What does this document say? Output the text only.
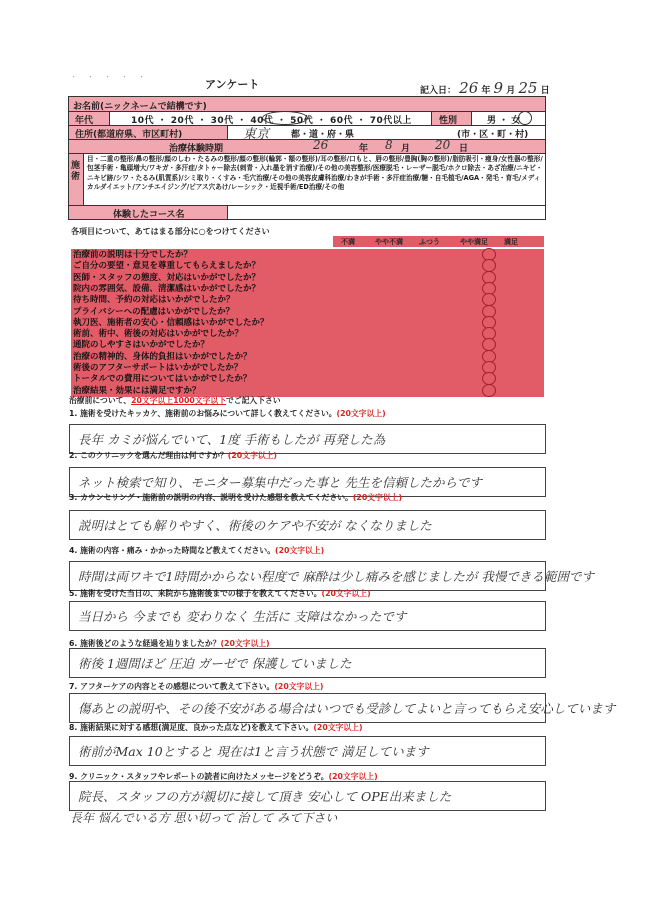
・・・・・
アンケート	記入日： 26 年 9 月 25 日
お名前(ニックネームで結構です)
年代	10代 ・ 20代 ・ 30代 ・ 40代 ・ 50代 ・ 60代 ・ 70代以上	性別	男 ・ 女
住所(都道府県、市区町村)	東京 都・道・府・県	(市・区・町・村)
治療体験時期	26	年 8 月 20 日
施術
目・二重の整形/鼻の整形/顔のしわ・たるみの整形/顔の整形(輪郭・額の整形)/耳の整形/口もと、唇の整形/豊胸(胸の整形)/脂肪吸引・痩身/女性器の整形/包茎手術・亀頭増大/ワキガ・多汗症/タトゥー除去(刺青・入れ墨を消す治療)/その他の美容整形/医療脱毛・レーザー脱毛/ホクロ除去・あざ治療/ニキビ・ニキビ跡/シワ・たるみ(肌質系)/シミ取り・くすみ・毛穴治療/その他の美容皮膚科治療/わきが手術・多汗症治療/糖・自毛植毛/AGA・発毛・育毛/メディカルダイエット/アンチエイジング/ピアス穴あけ/レーシック・近視手術/ED治療/その他
体験したコース名
各項目について、あてはまる部分に○をつけてください
不満	やや不満 ふつう	やや満足 満足
治療前の説明は十分でしたか？
ご自分の要望・意見を尊重してもらえましたか？
医師・スタッフの態度、対応はいかがでしたか？
院内の雰囲気、設備、清潔感はいかがでしたか？
待ち時間、予約の対応はいかがでしたか？
プライバシーへの配慮はいかがでしたか？
執刀医、施術者の安心・信頼感はいかがでしたか？
術前、術中、術後の対応はいかがでしたか？
通院のしやすさはいかがでしたか？
治療の精神的、身体的負担はいかがでしたか？
術後のアフターサポートはいかがでしたか？
トータルでの費用についてはいかがでしたか？
治療結果・効果には満足ですか？
治療前について、20文字以上1000文字以下でご記入下さい
1. 施術を受けたキッカケ、施術前のお悩みについて詳しく教えてください。(20文字以上)
長年 カミが悩んでいて、1度 手術もしたが 再発した為
2. このクリニックを選んだ理由は何ですか？(20文字以上)
ネット検索で知り、モニター募集中だった事と 先生を信頼したからです
3. カウンセリング・施術前の説明の内容、説明を受けた感想を教えてください。(20文字以上)
説明はとても解りやすく、術後のケアや不安が なくなりました
4. 施術の内容・痛み・かかった時間など教えてください。(20文字以上)
時間は両ワキで1時間かからない程度で 麻酔は少し痛みを感じましたが 我慢できる範囲です
5. 施術を受けた当日の、来院から施術後までの様子を教えてください。(20文字以上)
当日から 今までも 変わりなく 生活に 支障はなかったです
6. 施術後どのような経過を辿りましたか？(20文字以上)
術後 1週間ほど 圧迫 ガーゼで 保護していました
7. アフターケアの内容とその感想について教えて下さい。(20文字以上)
傷あとの説明や、その後不安がある場合はいつでも受診してよいと言ってもらえ安心しています
8. 施術結果に対する感想(満足度、良かった点など)を教えて下さい。(20文字以上)
術前がMax 10とすると 現在は1と言う状態で 満足しています
9. クリニック・スタッフやレポートの読者に向けたメッセージをどうぞ。(20文字以上)
院長、スタッフの方が親切に接して頂き 安心して OPE出来ました
長年 悩んでいる方 思い切って 治して みて下さい
